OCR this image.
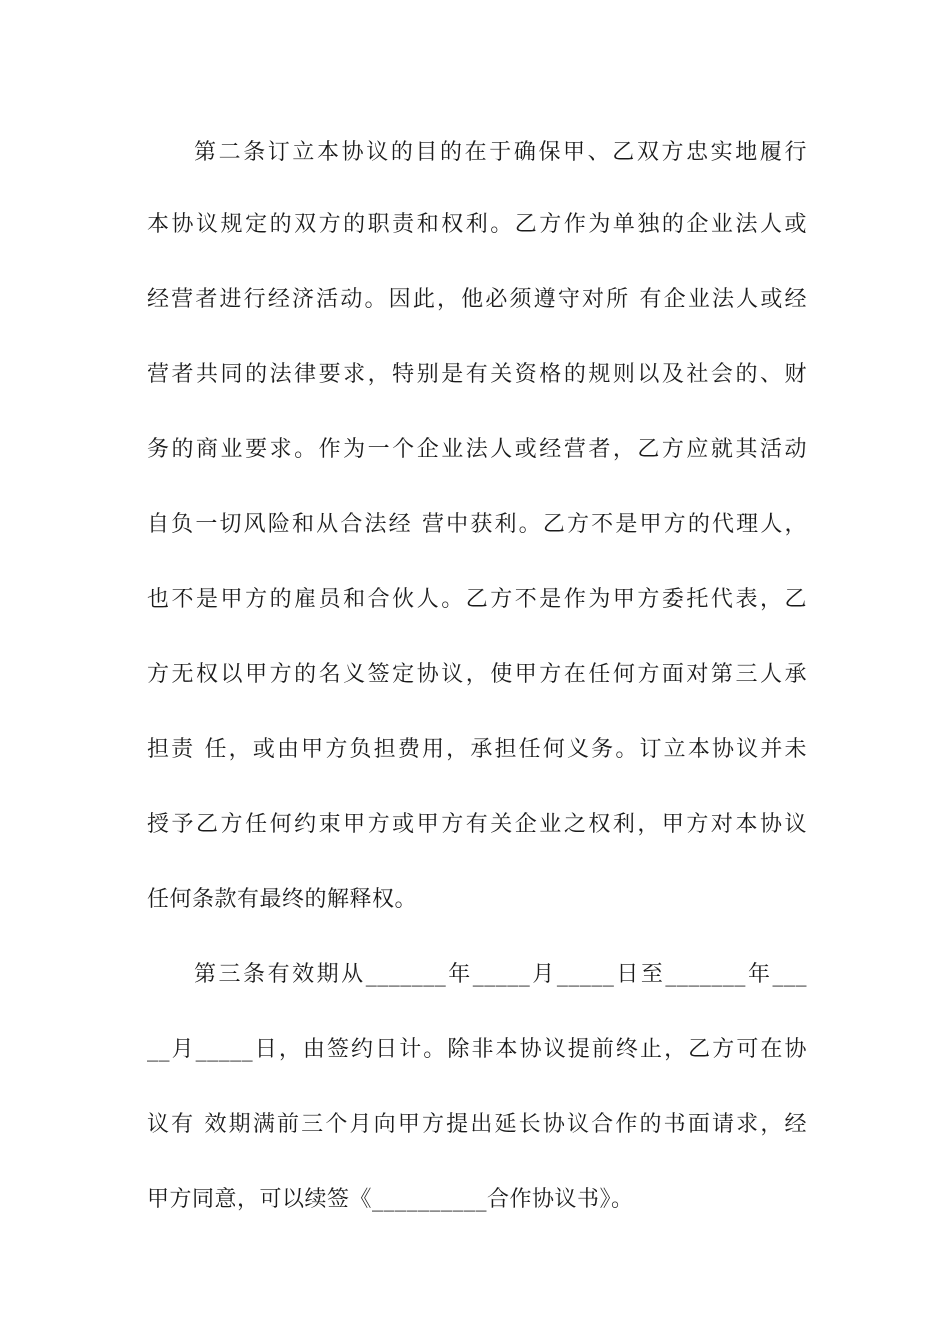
第二条订立本协议的目的在于确保甲、乙双方忠实地履行
本协议规定的双方的职责和权利。乙方作为单独的企业法人或
经营者进行经济活动。因此，他必须遵守对所 有企业法人或经
营者共同的法律要求，特别是有关资格的规则以及社会的、财
务的商业要求。作为一个企业法人或经营者，乙方应就其活动
自负一切风险和从合法经 营中获利。乙方不是甲方的代理人，
也不是甲方的雇员和合伙人。乙方不是作为甲方委托代表，乙
方无权以甲方的名义签定协议，使甲方在任何方面对第三人承
担责 任，或由甲方负担费用，承担任何义务。订立本协议并未
授予乙方任何约束甲方或甲方有关企业之权利，甲方对本协议
任何条款有最终的解释权。
第三条有效期从_______年_____月_____日至_______年___
__月_____日，由签约日计。除非本协议提前终止，乙方可在协
议有 效期满前三个月向甲方提出延长协议合作的书面请求，经
甲方同意，可以续签《__________合作协议书》。
